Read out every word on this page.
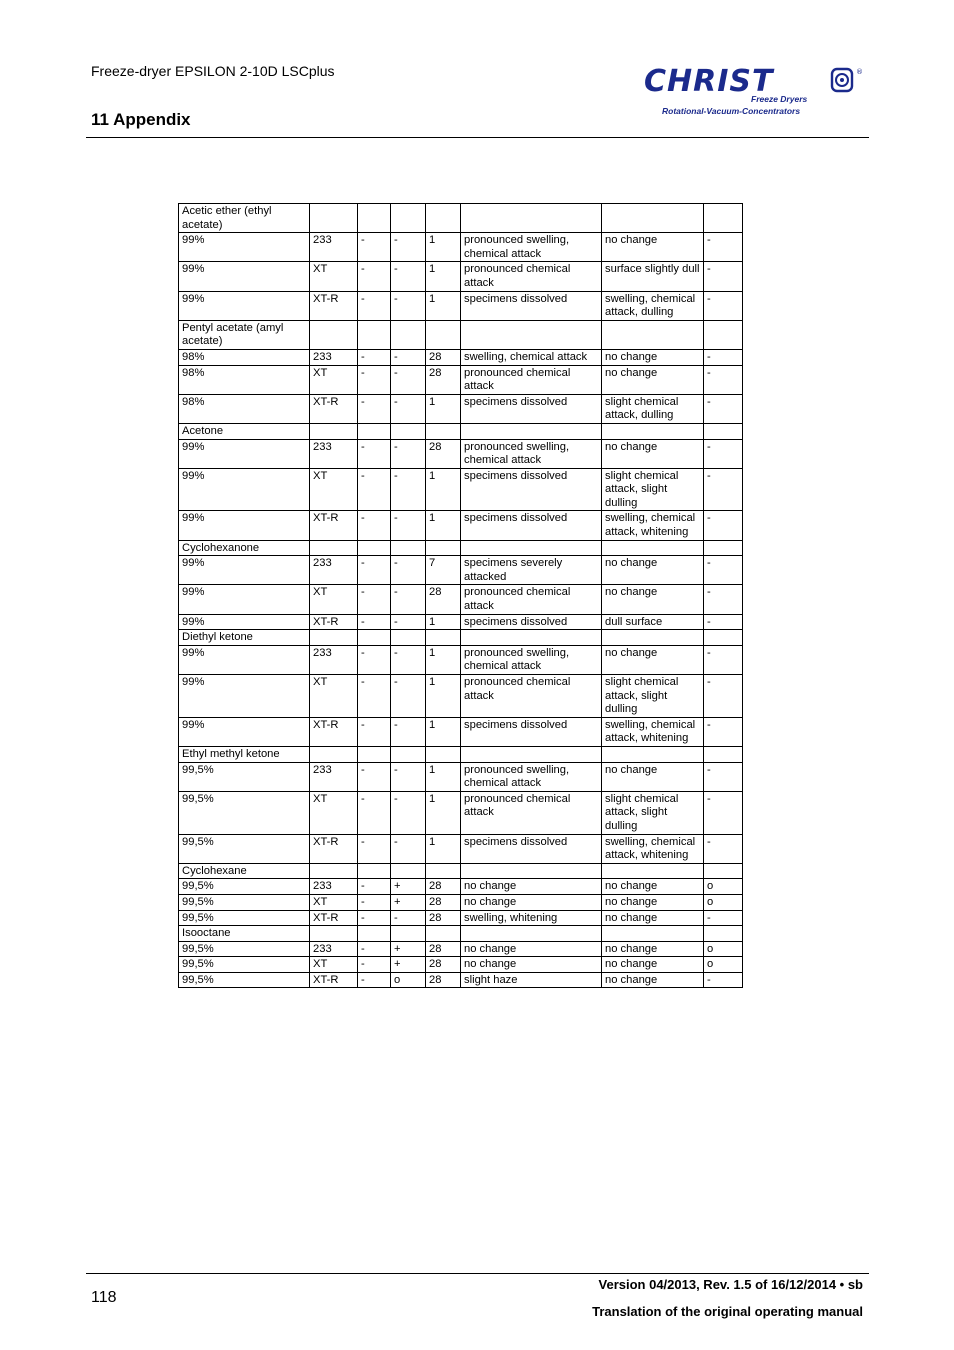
Freeze-dryer EPSILON 2-10D LSCplus
11 Appendix
CHRIST	®
Freeze Dryers
Rotational-Vacuum-Concentrators
Acetic ether (ethyl acetate)							
99%	233	-	-	1	pronounced swelling, chemical attack	no change	-
99%	XT	-	-	1	pronounced chemical attack	surface slightly dull	-
99%	XT-R	-	-	1	specimens dissolved	swelling, chemical attack, dulling	-
Pentyl acetate (amyl acetate)							
98%	233	-	-	28	swelling, chemical attack	no change	-
98%	XT	-	-	28	pronounced chemical attack	no change	-
98%	XT-R	-	-	1	specimens dissolved	slight chemical attack, dulling	-
Acetone							
99%	233	-	-	28	pronounced swelling, chemical attack	no change	-
99%	XT	-	-	1	specimens dissolved	slight chemical attack, slight dulling	-
99%	XT-R	-	-	1	specimens dissolved	swelling, chemical attack, whitening	-
Cyclohexanone							
99%	233	-	-	7	specimens severely attacked	no change	-
99%	XT	-	-	28	pronounced chemical attack	no change	-
99%	XT-R	-	-	1	specimens dissolved	dull surface	-
Diethyl ketone							
99%	233	-	-	1	pronounced swelling, chemical attack	no change	-
99%	XT	-	-	1	pronounced chemical attack	slight chemical attack, slight dulling	-
99%	XT-R	-	-	1	specimens dissolved	swelling, chemical attack, whitening	-
Ethyl methyl ketone							
99,5%	233	-	-	1	pronounced swelling, chemical attack	no change	-
99,5%	XT	-	-	1	pronounced chemical attack	slight chemical attack, slight dulling	-
99,5%	XT-R	-	-	1	specimens dissolved	swelling, chemical attack, whitening	-
Cyclohexane							
99,5%	233	-	+	28	no change	no change	o
99,5%	XT	-	+	28	no change	no change	o
99,5%	XT-R	-	-	28	swelling, whitening	no change	-
Isooctane							
99,5%	233	-	+	28	no change	no change	o
99,5%	XT	-	+	28	no change	no change	o
99,5%	XT-R	-	o	28	slight haze	no change	-
118
Version 04/2013, Rev. 1.5 of 16/12/2014 • sb
Translation of the original operating manual
